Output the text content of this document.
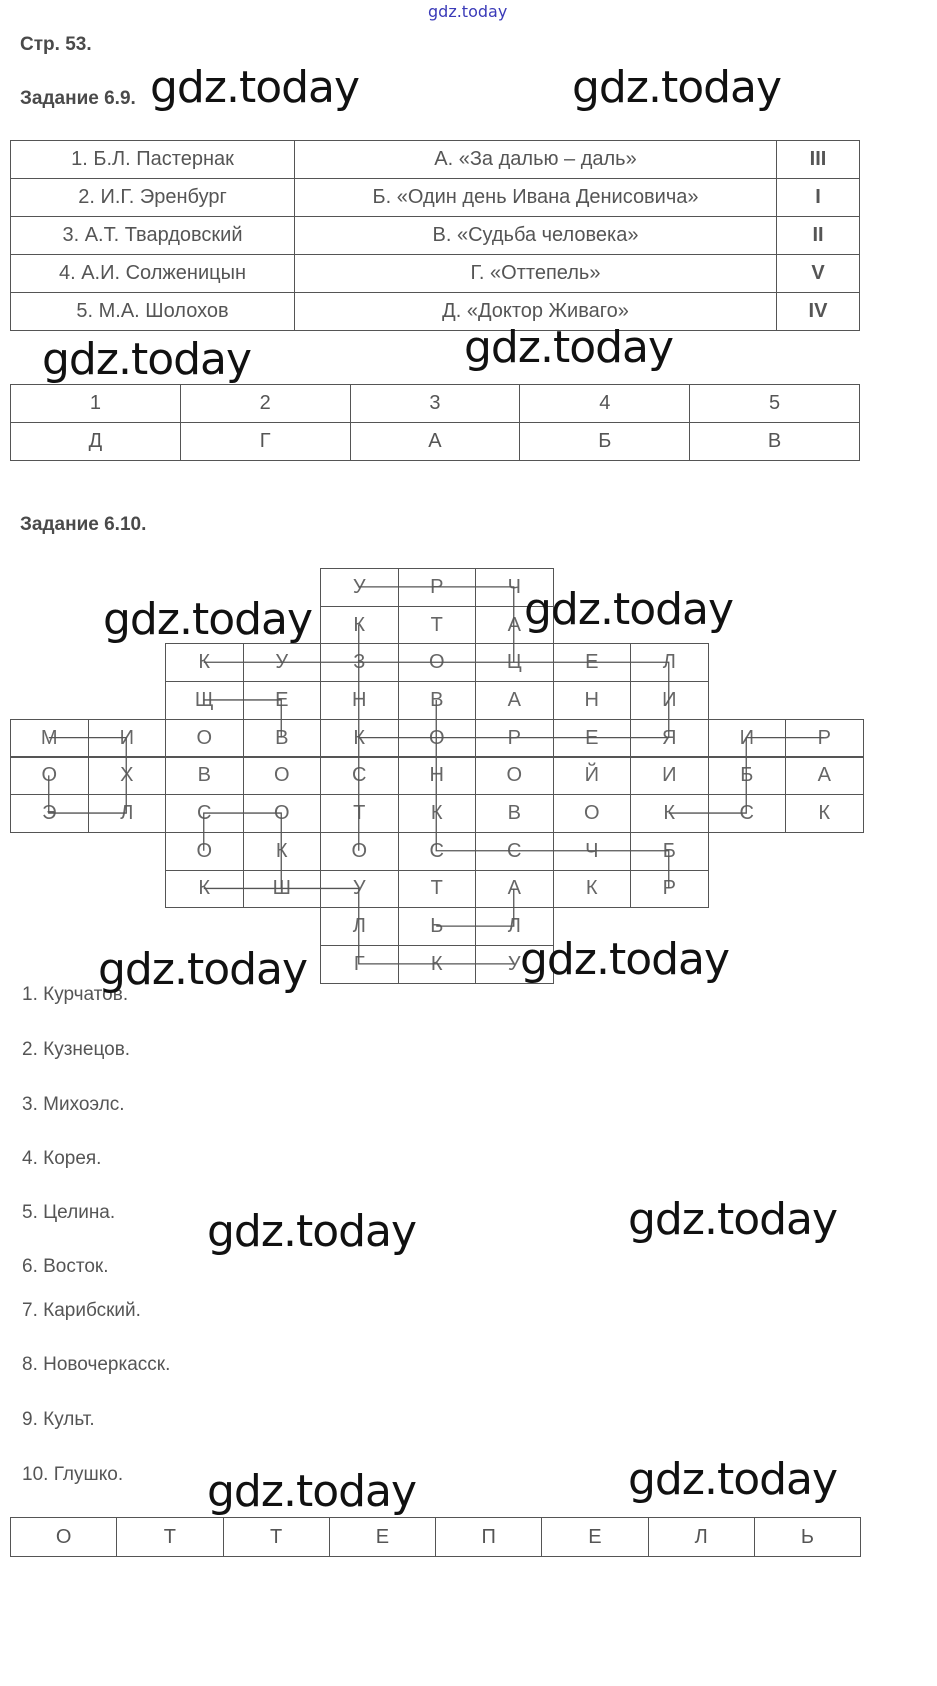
gdz.today
Стр. 53.
Задание 6.9.
1. Б.Л. Пастернак	А. «За далью – даль»	III
2. И.Г. Эренбург	Б. «Один день Ивана Денисовича»	I
3. А.Т. Твардовский	В. «Судьба человека»	II
4. А.И. Солженицын	Г. «Оттепель»	V
5. М.А. Шолохов	Д. «Доктор Живаго»	IV
1	2	3	4	5
Д	Г	А	Б	В
Задание 6.10.
У	Р	Ч
К	Т	А
К	У	З	О	Ц	Е	Л
Щ	Е	Н	В	А	Н	И
М	И	О	В	К	О	Р	Е	Я	И	Р
О	Х	В	О	С	Н	О	Й	И	Б	А
Э	Л	С	О	Т	К	В	О	К	С	К
О	К	О	С	С	Ч	Б
К	Ш	У	Т	А	К	Р
Л	Ь	Л
Г	К	У
1. Курчатов.
2. Кузнецов.
3. Михоэлс.
4. Корея.
5. Целина.
6. Восток.
7. Карибский.
8. Новочеркасск.
9. Культ.
10. Глушко.
О	Т	Т	Е	П	Е	Л	Ь
gdz.today	gdz.today
gdz.today	gdz.today
gdz.today	gdz.today
gdz.today	gdz.today
gdz.today	gdz.today
gdz.today	gdz.today
